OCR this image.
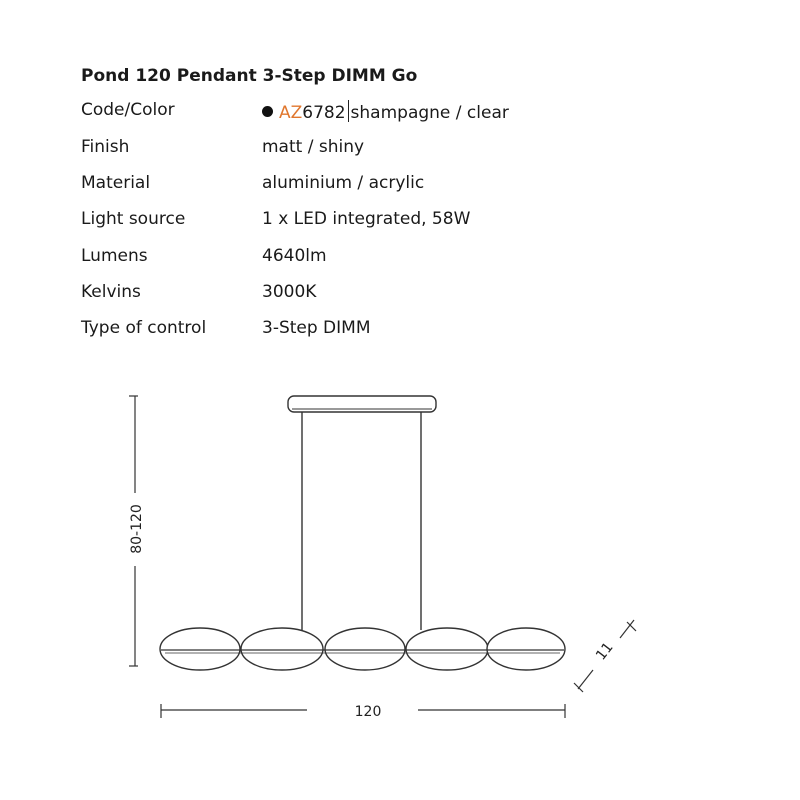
Pond 120 Pendant 3-Step DIMM Go
Code/Color	AZ6782 shampagne / clear
Finish	matt / shiny
Material	aluminium / acrylic
Light source	1 x LED integrated, 58W
Lumens	4640lm
Kelvins	3000K
Type of control	3-Step DIMM
80-120
120
11
